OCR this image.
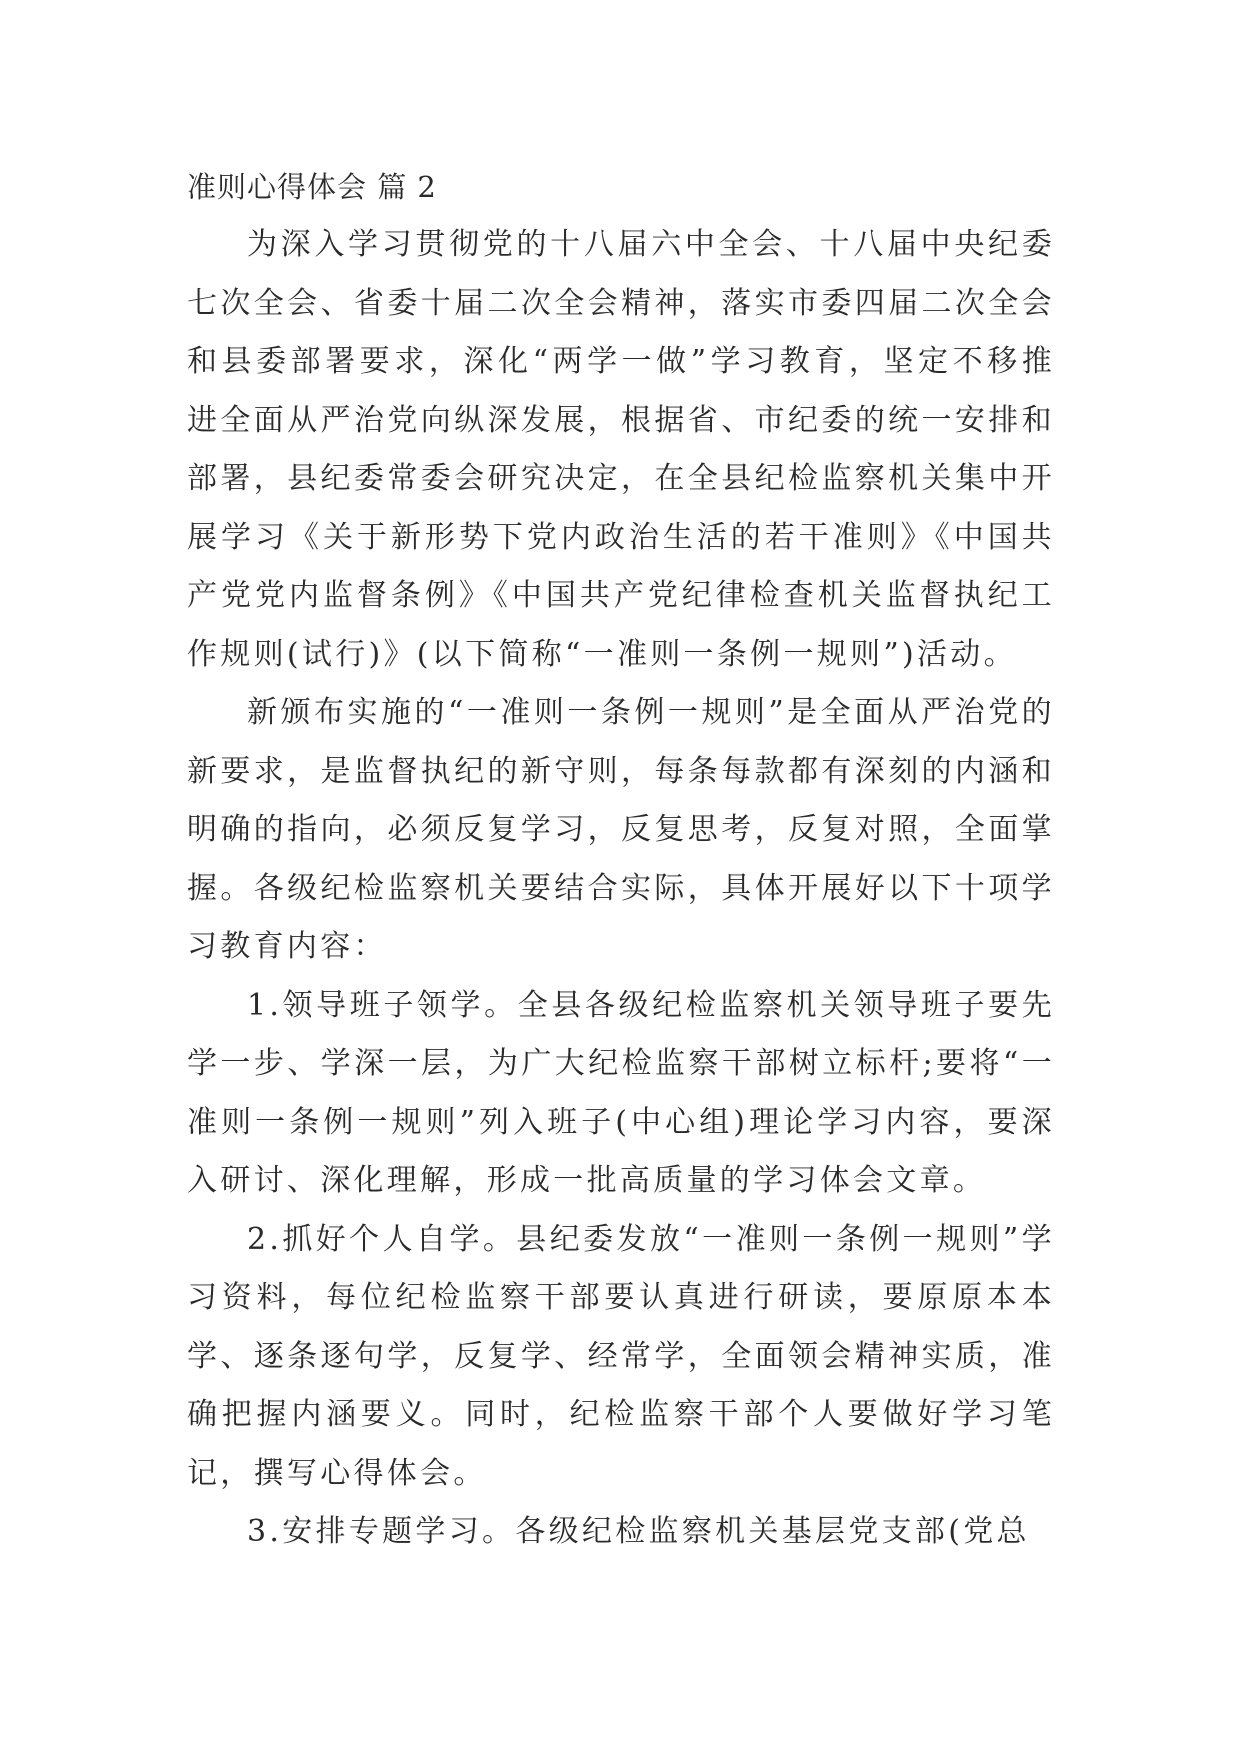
准则心得体会 篇 2

为深入学习贯彻党的十八届六中全会、十八届中央纪委七次全会、省委十届二次全会精神，落实市委四届二次全会和县委部署要求，深化“两学一做”学习教育，坚定不移推进全面从严治党向纵深发展，根据省、市纪委的统一安排和部署，县纪委常委会研究决定，在全县纪检监察机关集中开展学习《关于新形势下党内政治生活的若干准则》《中国共产党党内监督条例》《中国共产党纪律检查机关监督执纪工作规则(试行)》(以下简称“一准则一条例一规则”)活动。

新颁布实施的“一准则一条例一规则”是全面从严治党的新要求，是监督执纪的新守则，每条每款都有深刻的内涵和明确的指向，必须反复学习，反复思考，反复对照，全面掌握。各级纪检监察机关要结合实际，具体开展好以下十项学习教育内容：

1.领导班子领学。全县各级纪检监察机关领导班子要先学一步、学深一层，为广大纪检监察干部树立标杆;要将“一准则一条例一规则”列入班子(中心组)理论学习内容，要深入研讨、深化理解，形成一批高质量的学习体会文章。

2.抓好个人自学。县纪委发放“一准则一条例一规则”学习资料，每位纪检监察干部要认真进行研读，要原原本本学、逐条逐句学，反复学、经常学，全面领会精神实质，准确把握内涵要义。同时，纪检监察干部个人要做好学习笔记，撰写心得体会。

3.安排专题学习。各级纪检监察机关基层党支部(党总
